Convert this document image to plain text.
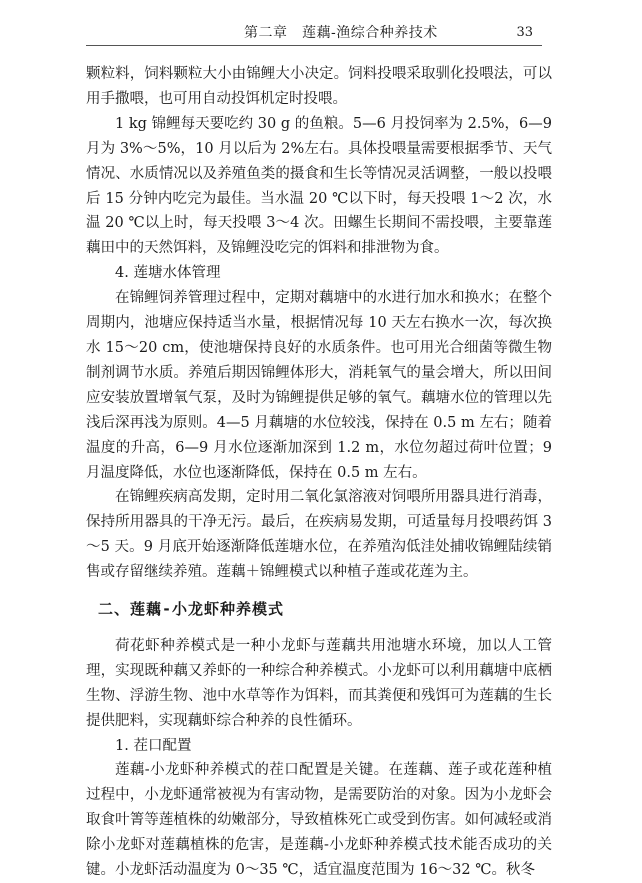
第二章　莲藕-渔综合种养技术	33

颗粒料，饲料颗粒大小由锦鲤大小决定。饲料投喂采取驯化投喂法，可以用手撒喂，也可用自动投饵机定时投喂。

1 kg 锦鲤每天要吃约 30 g 的鱼粮。5—6 月投饲率为 2.5%，6—9 月为 3%～5%，10 月以后为 2%左右。具体投喂量需要根据季节、天气情况、水质情况以及养殖鱼类的摄食和生长等情况灵活调整，一般以投喂后 15 分钟内吃完为最佳。当水温 20 ℃以下时，每天投喂 1～2 次，水温 20 ℃以上时，每天投喂 3～4 次。田螺生长期间不需投喂，主要靠莲藕田中的天然饵料，及锦鲤没吃完的饵料和排泄物为食。

4. 莲塘水体管理

在锦鲤饲养管理过程中，定期对藕塘中的水进行加水和换水；在整个周期内，池塘应保持适当水量，根据情况每 10 天左右换水一次，每次换水 15～20 cm，使池塘保持良好的水质条件。也可用光合细菌等微生物制剂调节水质。养殖后期因锦鲤体形大，消耗氧气的量会增大，所以田间应安装放置增氧气泵，及时为锦鲤提供足够的氧气。藕塘水位的管理以先浅后深再浅为原则。4—5 月藕塘的水位较浅，保持在 0.5 m 左右；随着温度的升高，6—9 月水位逐渐加深到 1.2 m，水位勿超过荷叶位置；9 月温度降低，水位也逐渐降低，保持在 0.5 m 左右。

在锦鲤疾病高发期，定时用二氧化氯溶液对饲喂所用器具进行消毒，保持所用器具的干净无污。最后，在疾病易发期，可适量每月投喂药饵 3～5 天。9 月底开始逐渐降低莲塘水位，在养殖沟低洼处捕收锦鲤陆续销售或存留继续养殖。莲藕＋锦鲤模式以种植子莲或花莲为主。

二、莲藕-小龙虾种养模式

荷花虾种养模式是一种小龙虾与莲藕共用池塘水环境，加以人工管理，实现既种藕又养虾的一种综合种养模式。小龙虾可以利用藕塘中底栖生物、浮游生物、池中水草等作为饵料，而其粪便和残饵可为莲藕的生长提供肥料，实现藕虾综合种养的良性循环。

1. 茬口配置

莲藕-小龙虾种养模式的茬口配置是关键。在莲藕、莲子或花莲种植过程中，小龙虾通常被视为有害动物，是需要防治的对象。因为小龙虾会取食叶箐等莲植株的幼嫩部分，导致植株死亡或受到伤害。如何减轻或消除小龙虾对莲藕植株的危害，是莲藕-小龙虾种养模式技术能否成功的关键。小龙虾活动温度为 0～35 ℃，适宜温度范围为 16～32 ℃。秋冬
